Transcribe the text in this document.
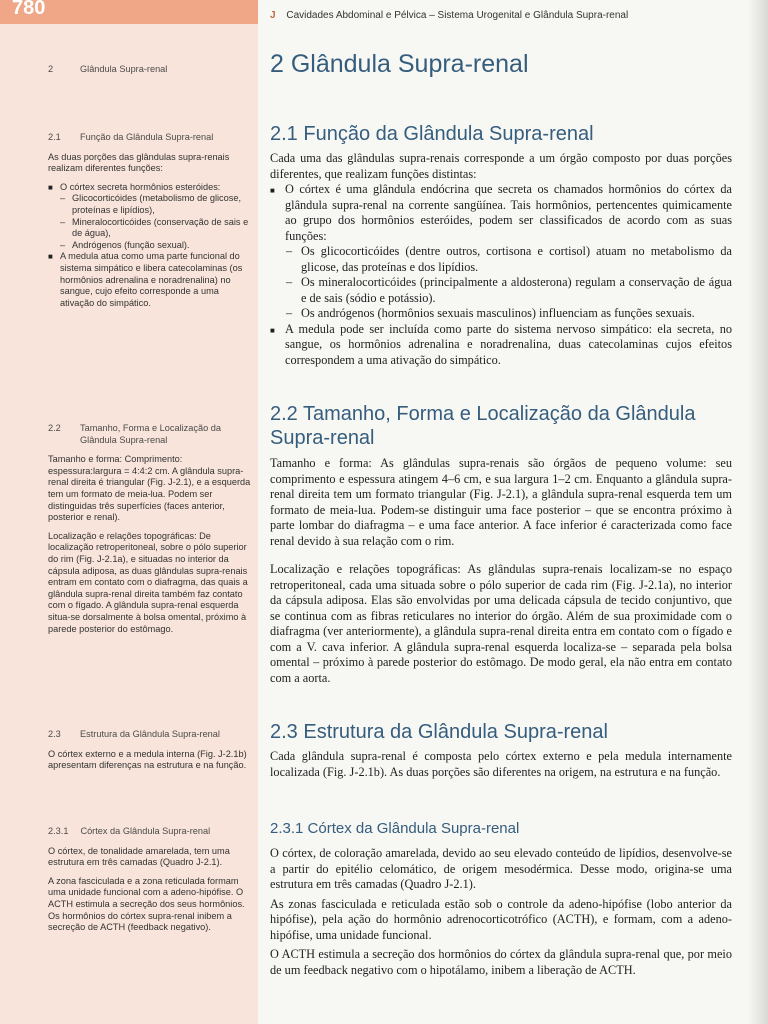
780	J Cavidades Abdominal e Pélvica – Sistema Urogenital e Glândula Supra-renal
2	Glândula Supra-renal
2.1	Função da Glândula Supra-renal

As duas porções das glândulas supra-renais realizam diferentes funções:

■ O córtex secreta hormônios esteróides:
– Glicocorticóides (metabolismo de glicose, proteínas e lipídios),
– Mineralocorticóides (conservação de sais e de água),
– Andrógenos (função sexual).
■ A medula atua como uma parte funcional do sistema simpático e libera catecolaminas (os hormônios adrenalina e noradrenalina) no sangue, cujo efeito corresponde a uma ativação do simpático.
2.2	Tamanho, Forma e Localização da Glândula Supra-renal

Tamanho e forma: Comprimento: espessura:largura = 4:4:2 cm. A glândula supra-renal direita é triangular (Fig. J-2.1), e a esquerda tem um formato de meia-lua. Podem ser distinguidas três superfícies (faces anterior, posterior e renal).

Localização e relações topográficas: De localização retroperitoneal, sobre o pólo superior do rim (Fig. J-2.1a), e situadas no interior da cápsula adiposa, as duas glândulas supra-renais entram em contato com o diafragma, das quais a glândula supra-renal direita também faz contato com o fígado. A glândula supra-renal esquerda situa-se dorsalmente à bolsa omental, próximo à parede posterior do estômago.

2.3	Estrutura da Glândula Supra-renal

O córtex externo e a medula interna (Fig. J-2.1b) apresentam diferenças na estrutura e na função.

2.3.1 Córtex da Glândula Supra-renal

O córtex, de tonalidade amarelada, tem uma estrutura em três camadas (Quadro J-2.1).

A zona fasciculada e a zona reticulada formam uma unidade funcional com a adeno-hipófise. O ACTH estimula a secreção dos seus hormônios. Os hormônios do córtex supra-renal inibem a secreção de ACTH (feedback negativo).

2 Glândula Supra-renal
2.1 Função da Glândula Supra-renal

Cada uma das glândulas supra-renais corresponde a um órgão composto por duas porções diferentes, que realizam funções distintas:

■ O córtex é uma glândula endócrina que secreta os chamados hormônios do córtex da glândula supra-renal na corrente sangüínea. Tais hormônios, pertencentes quimicamente ao grupo dos hormônios esteróides, podem ser classificados de acordo com as suas funções:

– Os glicocorticóides (dentre outros, cortisona e cortisol) atuam no metabolismo da glicose, das proteínas e dos lipídios.

– Os mineralocorticóides (principalmente a aldosterona) regulam a conservação de água e de sais (sódio e potássio).

– Os andrógenos (hormônios sexuais masculinos) influenciam as funções sexuais.

■ A medula pode ser incluída como parte do sistema nervoso simpático: ela secreta, no sangue, os hormônios adrenalina e noradrenalina, duas catecolaminas cujos efeitos correspondem a uma ativação do simpático.

2.2 Tamanho, Forma e Localização da Glândula Supra-renal

Tamanho e forma: As glândulas supra-renais são órgãos de pequeno volume: seu comprimento e espessura atingem 4–6 cm, e sua largura 1–2 cm. Enquanto a glândula supra-renal direita tem um formato triangular (Fig. J-2.1), a glândula supra-renal esquerda tem um formato de meia-lua. Podem-se distinguir uma face posterior – que se encontra próximo à parte lombar do diafragma – e uma face anterior. A face inferior é caracterizada como face renal devido à sua relação com o rim.

Localização e relações topográficas: As glândulas supra-renais localizam-se no espaço retroperitoneal, cada uma situada sobre o pólo superior de cada rim (Fig. J-2.1a), no interior da cápsula adiposa. Elas são envolvidas por uma delicada cápsula de tecido conjuntivo, que se continua com as fibras reticulares no interior do órgão. Além de sua proximidade com o diafragma (ver anteriormente), a glândula supra-renal direita entra em contato com o fígado e com a V. cava inferior. A glândula supra-renal esquerda localiza-se – separada pela bolsa omental – próximo à parede posterior do estômago. De modo geral, ela não entra em contato com a aorta.

2.3 Estrutura da Glândula Supra-renal

Cada glândula supra-renal é composta pelo córtex externo e pela medula internamente localizada (Fig. J-2.1b). As duas porções são diferentes na origem, na estrutura e na função.

2.3.1 Córtex da Glândula Supra-renal

O córtex, de coloração amarelada, devido ao seu elevado conteúdo de lipídios, desenvolve-se a partir do epitélio celomático, de origem mesodérmica. Desse modo, origina-se uma estrutura em três camadas (Quadro J-2.1).

As zonas fasciculada e reticulada estão sob o controle da adeno-hipófise (lobo anterior da hipófise), pela ação do hormônio adrenocorticotrófico (ACTH), e formam, com a adeno-hipófise, uma unidade funcional.

O ACTH estimula a secreção dos hormônios do córtex da glândula supra-renal que, por meio de um feedback negativo com o hipotálamo, inibem a liberação de ACTH.
